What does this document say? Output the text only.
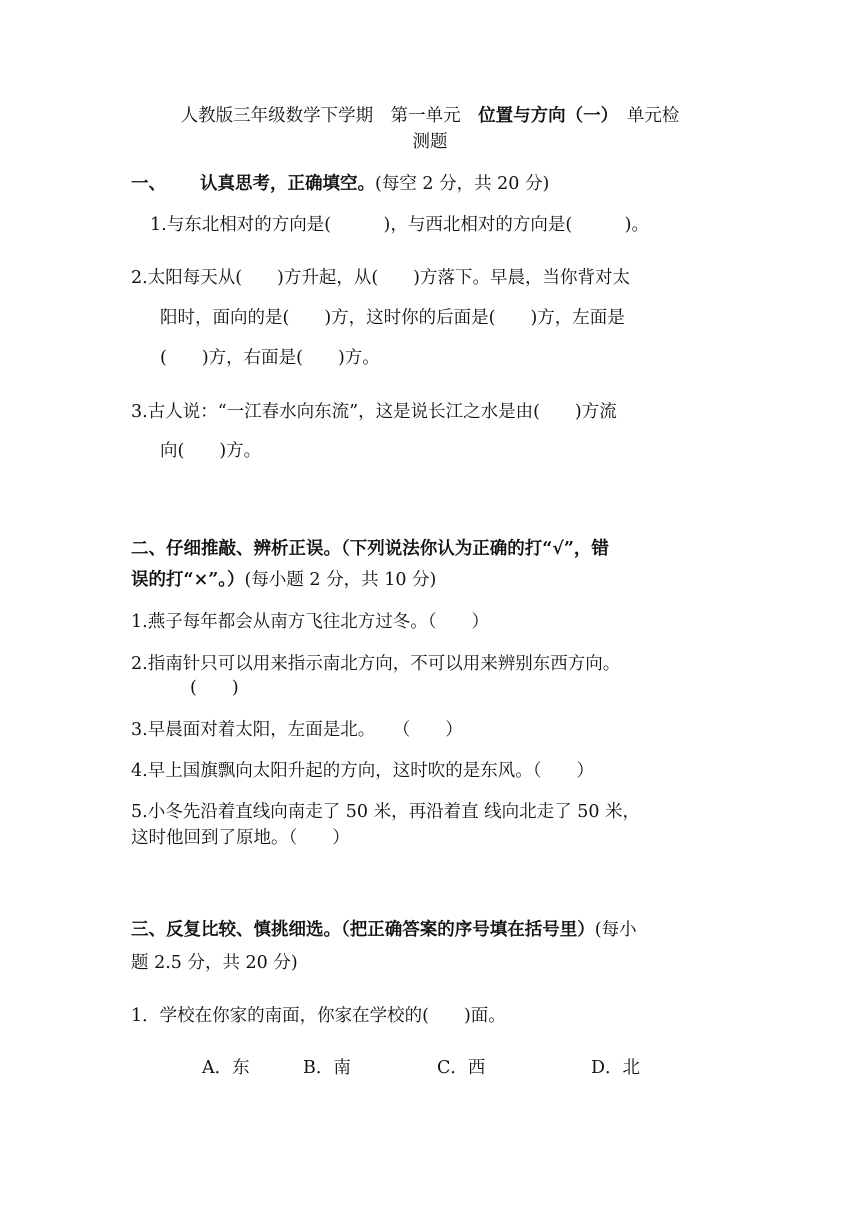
人教版三年级数学下学期　第一单元　位置与方向（一）　单元检
测题
一、 认真思考，正确填空。(每空 2 分，共 20 分)
1.与东北相对的方向是(　　　)，与西北相对的方向是(　　　)。
2.太阳每天从(　　)方升起，从(　　)方落下。早晨，当你背对太
阳时，面向的是(　　)方，这时你的后面是(　　)方，左面是
(　　)方，右面是(　　)方。
3.古人说：“一江春水向东流”，这是说长江之水是由(　　)方流
向(　　)方。
二、仔细推敲、辨析正误。（下列说法你认为正确的打“√”，错
误的打“×”。）(每小题 2 分，共 10 分)
1.燕子每年都会从南方飞往北方过冬。（　　）
2.指南针只可以用来指示南北方向，不可以用来辨别东西方向。
(　　)
3.早晨面对着太阳，左面是北。　　（　　）
4.早上国旗飘向太阳升起的方向，这时吹的是东风。（　　）
5.小冬先沿着直线向南走了 50 米，再沿着直 线向北走了 50 米，
这时他回到了原地。（　　）
三、反复比较、慎挑细选。（把正确答案的序号填在括号里）(每小
题 2.5 分，共 20 分)
1．学校在你家的南面，你家在学校的(　　)面。
A．东	B．南	C．西	D．北
